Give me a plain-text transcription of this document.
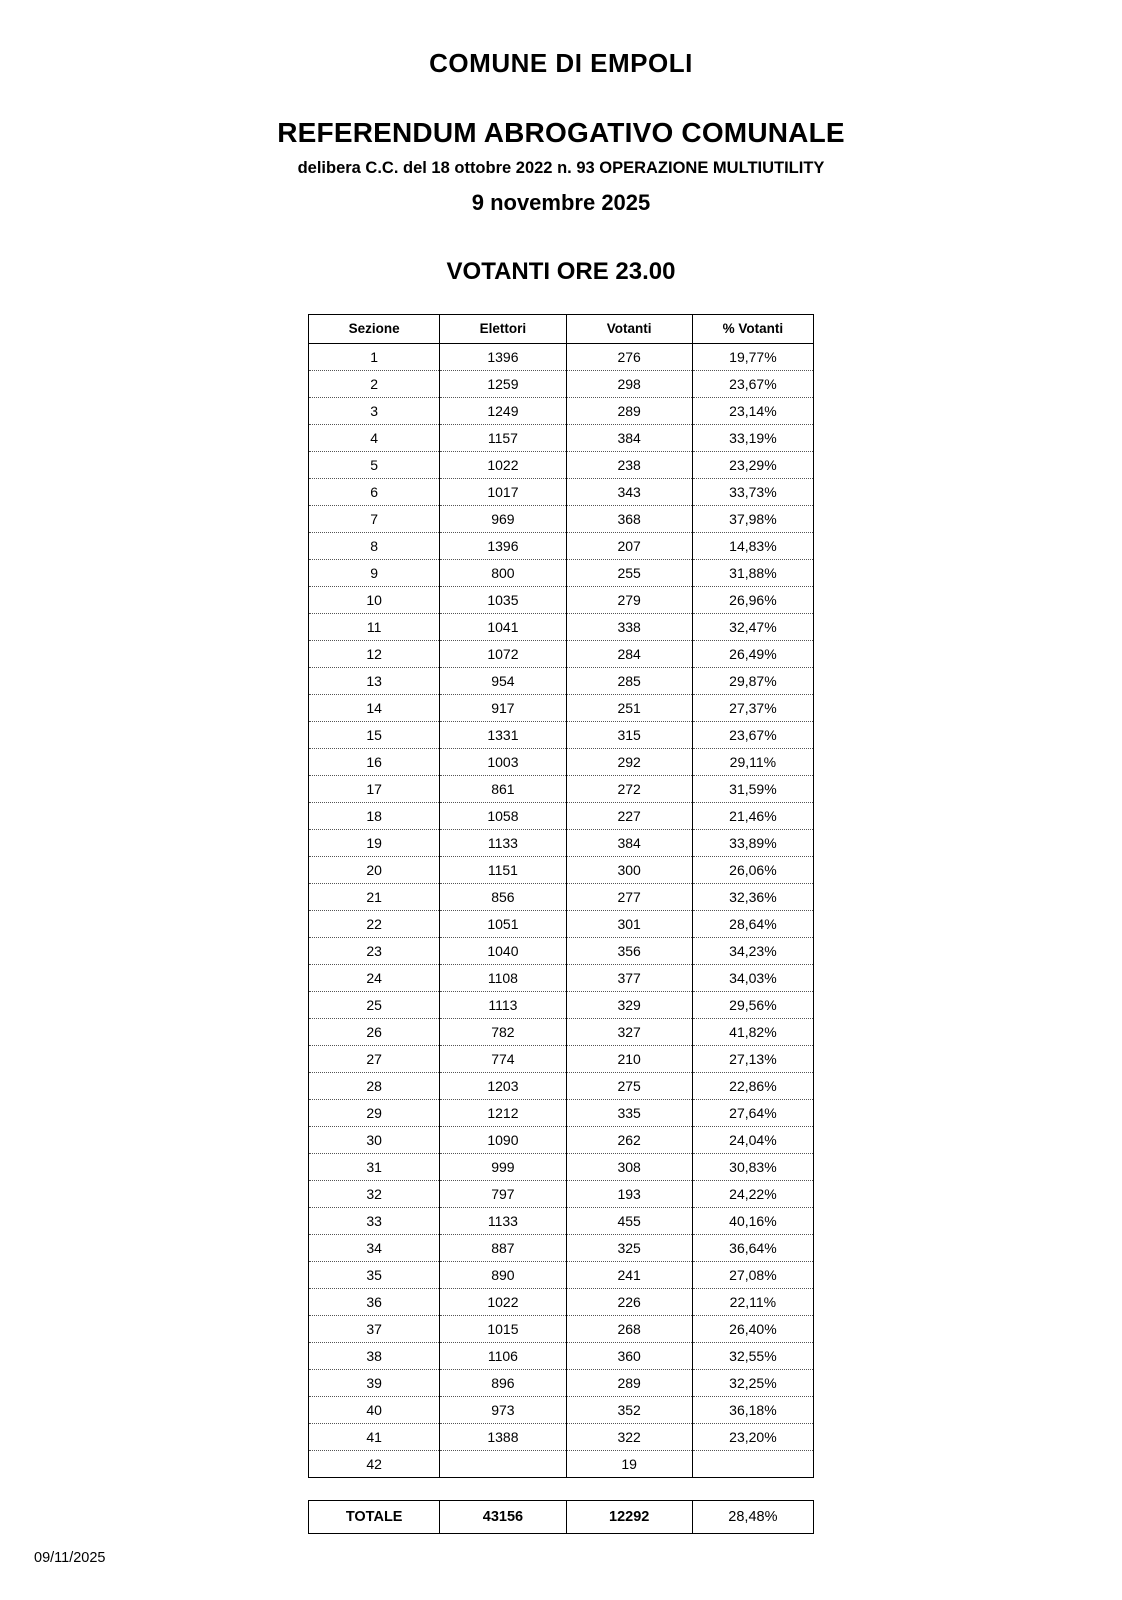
COMUNE DI EMPOLI
REFERENDUM ABROGATIVO COMUNALE
delibera C.C. del 18 ottobre 2022 n. 93 OPERAZIONE MULTIUTILITY
9 novembre 2025
VOTANTI ORE 23.00
Sezione	Elettori	Votanti	% Votanti
1	1396	276	19,77%
2	1259	298	23,67%
3	1249	289	23,14%
4	1157	384	33,19%
5	1022	238	23,29%
6	1017	343	33,73%
7	969	368	37,98%
8	1396	207	14,83%
9	800	255	31,88%
10	1035	279	26,96%
11	1041	338	32,47%
12	1072	284	26,49%
13	954	285	29,87%
14	917	251	27,37%
15	1331	315	23,67%
16	1003	292	29,11%
17	861	272	31,59%
18	1058	227	21,46%
19	1133	384	33,89%
20	1151	300	26,06%
21	856	277	32,36%
22	1051	301	28,64%
23	1040	356	34,23%
24	1108	377	34,03%
25	1113	329	29,56%
26	782	327	41,82%
27	774	210	27,13%
28	1203	275	22,86%
29	1212	335	27,64%
30	1090	262	24,04%
31	999	308	30,83%
32	797	193	24,22%
33	1133	455	40,16%
34	887	325	36,64%
35	890	241	27,08%
36	1022	226	22,11%
37	1015	268	26,40%
38	1106	360	32,55%
39	896	289	32,25%
40	973	352	36,18%
41	1388	322	23,20%
42		19	
TOTALE	43156	12292	28,48%
09/11/2025
